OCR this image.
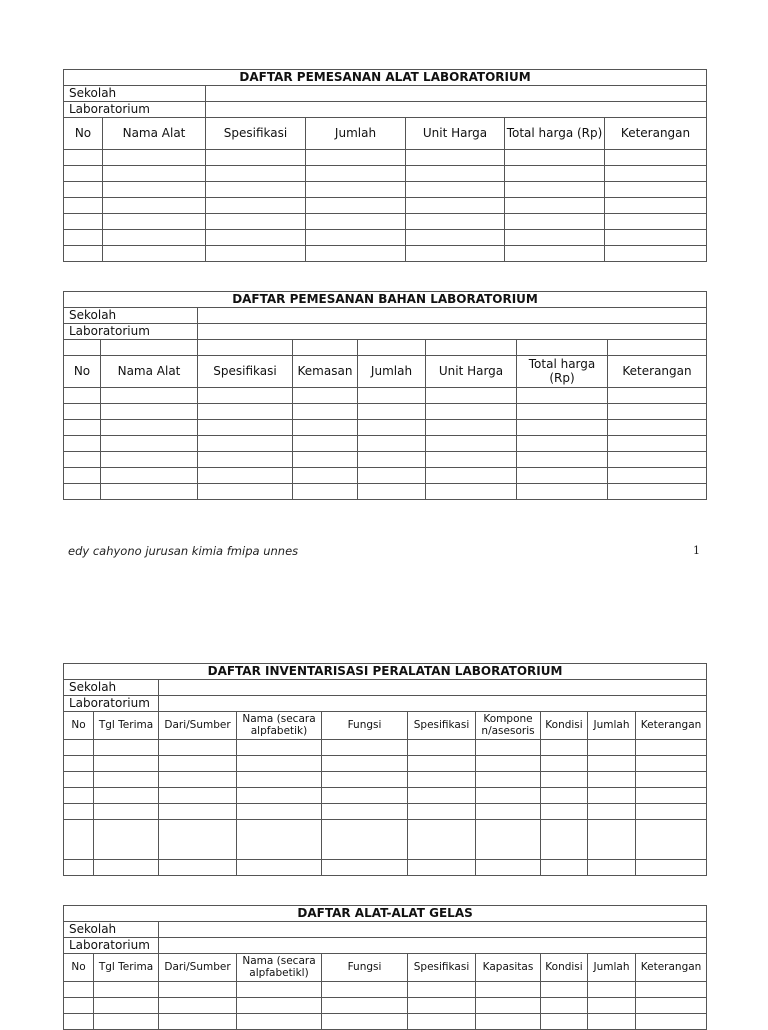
DAFTAR PEMESANAN ALAT LABORATORIUM						
Sekolah						
Laboratorium						
No	Nama Alat	Spesifikasi	Jumlah	Unit Harga	Total harga (Rp)	Keterangan

DAFTAR PEMESANAN BAHAN LABORATORIUM							
Sekolah							
Laboratorium							

No	Nama Alat	Spesifikasi	Kemasan	Jumlah	Unit Harga	Total harga (Rp)	Keterangan

edy cahyono jurusan kimia fmipa unnes	1
DAFTAR INVENTARISASI PERALATAN LABORATORIUM									
Sekolah									
Laboratorium									
No	Tgl Terima	Dari/Sumber	Nama (secara alpfabetik)	Fungsi	Spesifikasi	Kompone n/asesoris	Kondisi	Jumlah	Keterangan

DAFTAR ALAT-ALAT GELAS									
Sekolah									
Laboratorium									
No	Tgl Terima	Dari/Sumber	Nama (secara alpfabetikl)	Fungsi	Spesifikasi	Kapasitas	Kondisi	Jumlah	Keterangan
